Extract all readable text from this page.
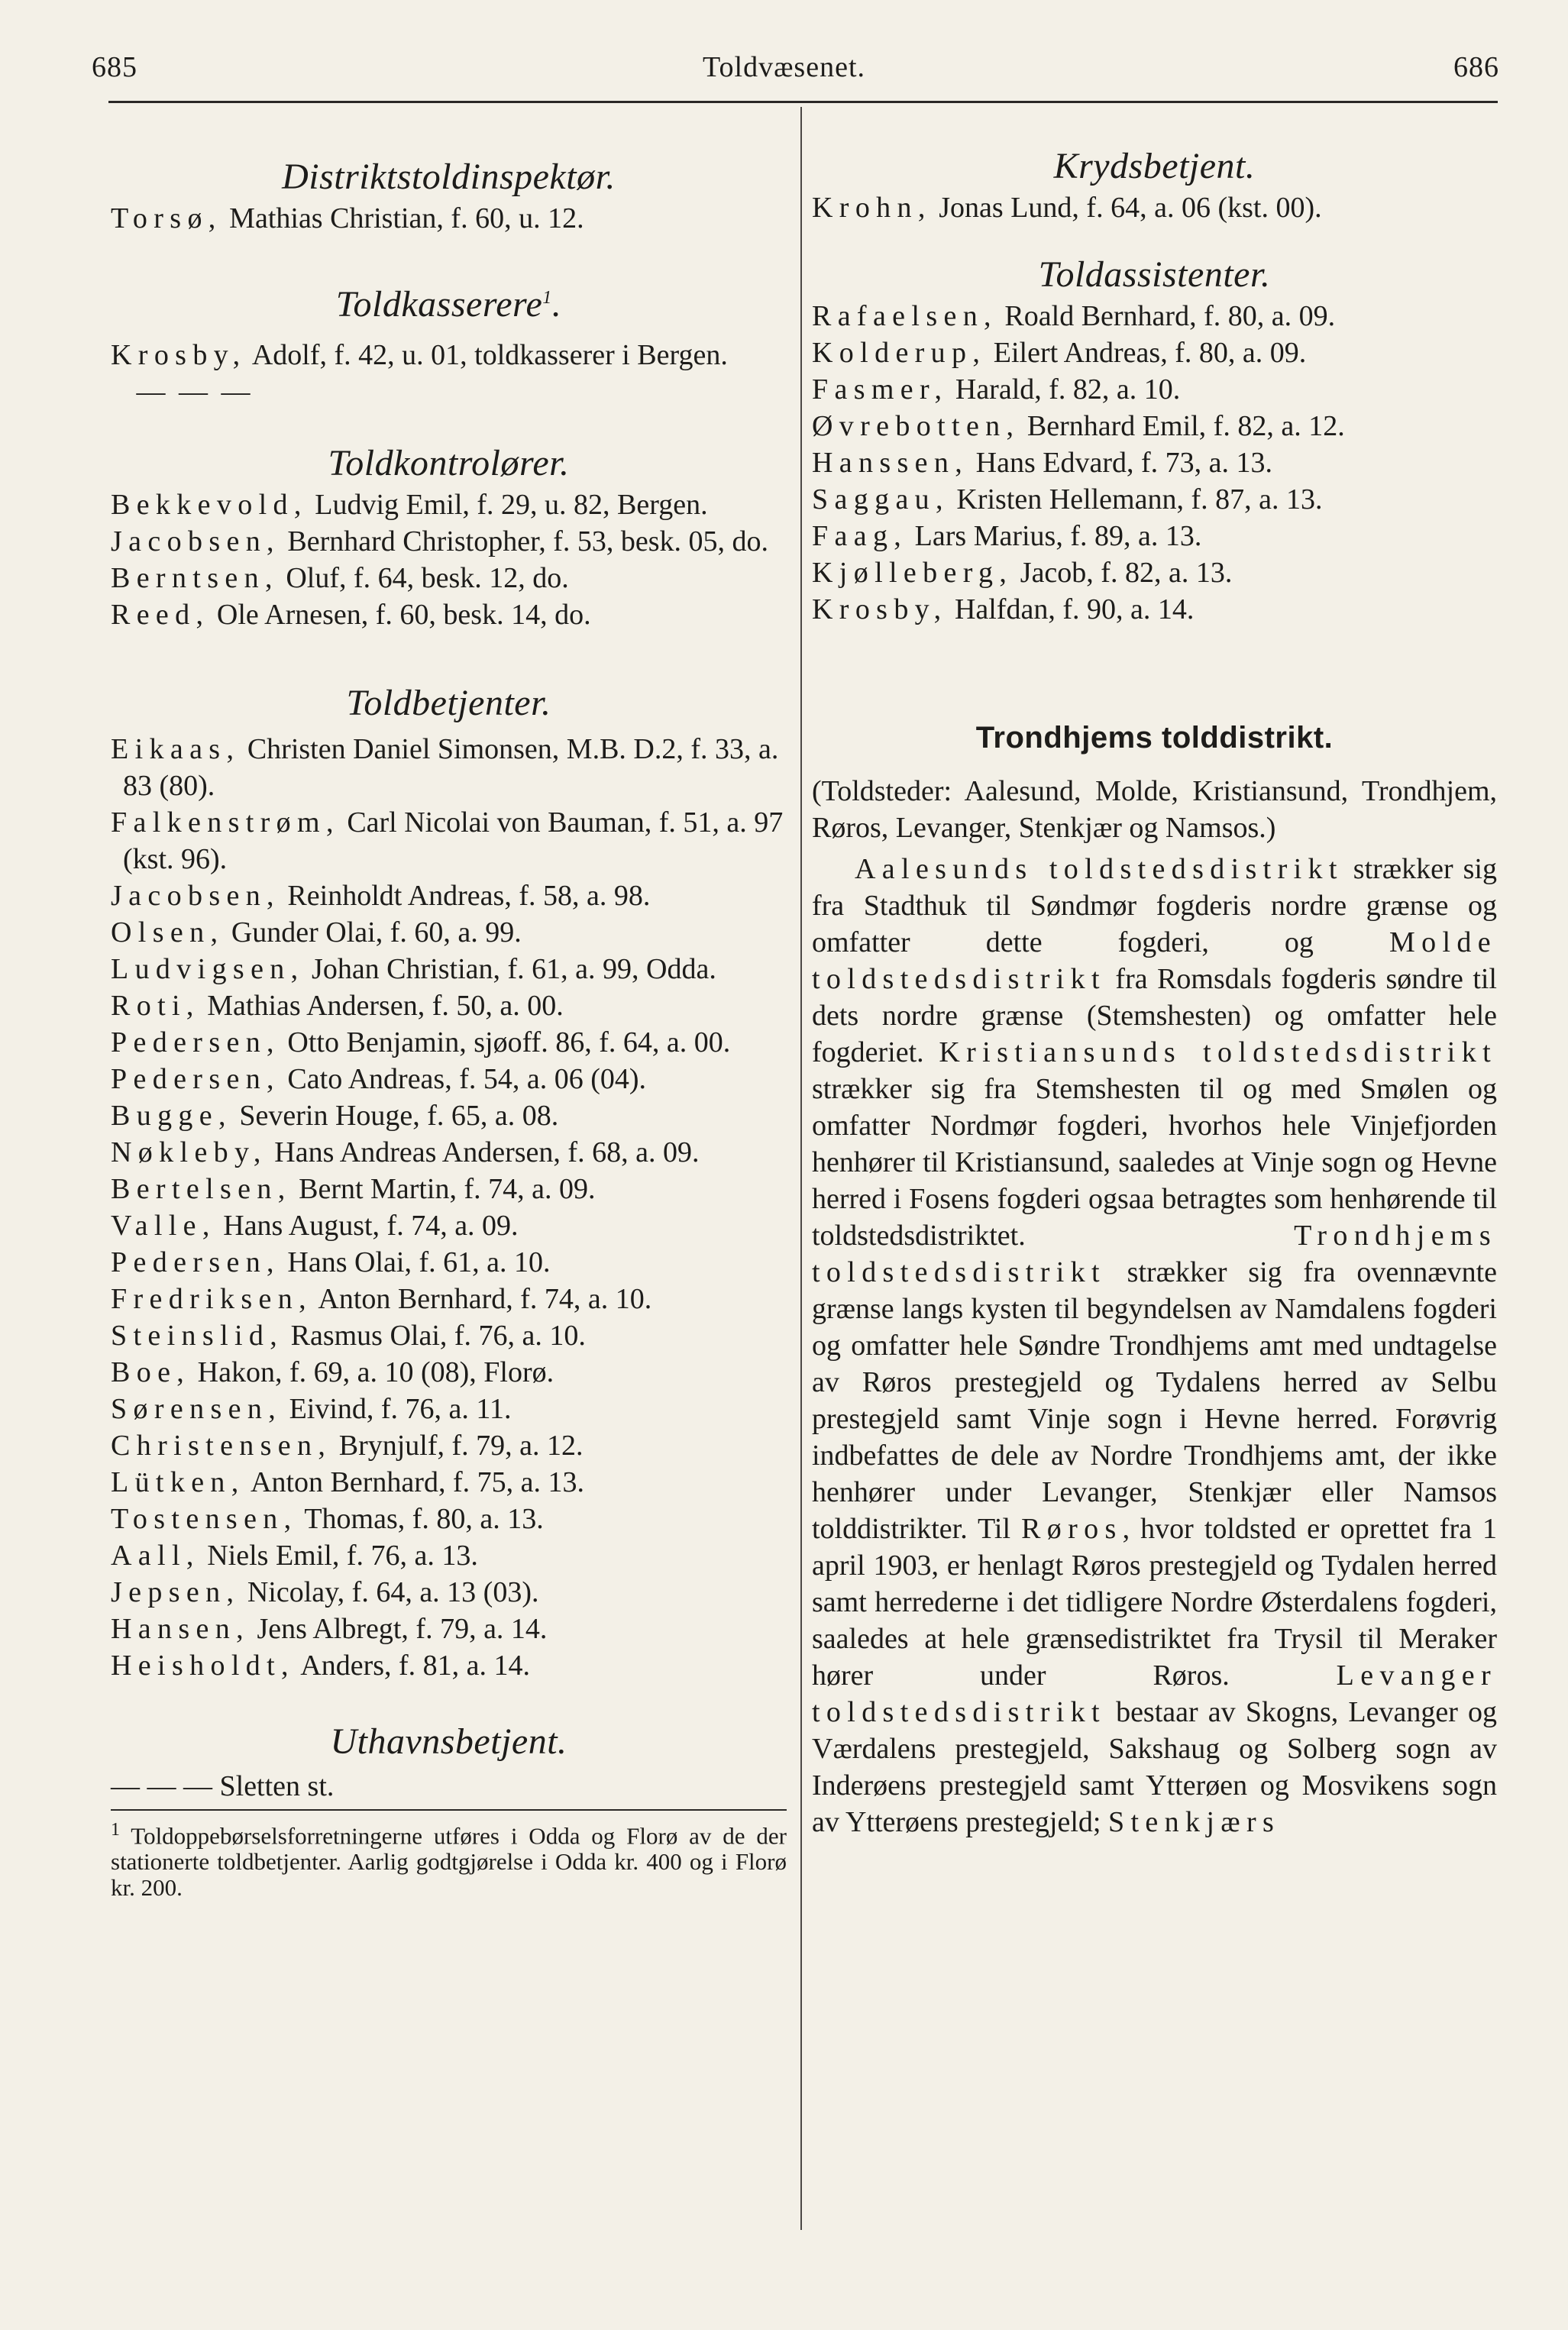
685	Toldvæsenet.	686
Distriktstoldinspektør.

Torsø, Mathias Christian, f. 60, u. 12.

Toldkasserere$^1$.

Krosby, Adolf, f. 42, u. 01, toldkasserer i Bergen.

— — —

Toldkontrolører.

Bekkevold, Ludvig Emil, f. 29, u. 82, Bergen.

Jacobsen, Bernhard Christopher, f. 53, besk. 05, do.

Berntsen, Oluf, f. 64, besk. 12, do.

Reed, Ole Arnesen, f. 60, besk. 14, do.

Toldbetjenter.

Eikaas, Christen Daniel Simonsen, M.B. D.2, f. 33, a. 83 (80).

Falkenstrøm, Carl Nicolai von Bauman, f. 51, a. 97 (kst. 96).

Jacobsen, Reinholdt Andreas, f. 58, a. 98.

Olsen, Gunder Olai, f. 60, a. 99.

Ludvigsen, Johan Christian, f. 61, a. 99, Odda.

Roti, Mathias Andersen, f. 50, a. 00.

Pedersen, Otto Benjamin, sjøoff. 86, f. 64, a. 00.

Pedersen, Cato Andreas, f. 54, a. 06 (04).

Bugge, Severin Houge, f. 65, a. 08.

Nøkleby, Hans Andreas Andersen, f. 68, a. 09.

Bertelsen, Bernt Martin, f. 74, a. 09.

Valle, Hans August, f. 74, a. 09.

Pedersen, Hans Olai, f. 61, a. 10.

Fredriksen, Anton Bernhard, f. 74, a. 10.

Steinslid, Rasmus Olai, f. 76, a. 10.

Boe, Hakon, f. 69, a. 10 (08), Florø.

Sørensen, Eivind, f. 76, a. 11.

Christensen, Brynjulf, f. 79, a. 12.

Lütken, Anton Bernhard, f. 75, a. 13.

Tostensen, Thomas, f. 80, a. 13.

Aall, Niels Emil, f. 76, a. 13.

Jepsen, Nicolay, f. 64, a. 13 (03).

Hansen, Jens Albregt, f. 79, a. 14.

Heisholdt, Anders, f. 81, a. 14.

Uthavnsbetjent.

— — — Sletten st.

$^1$ Toldoppebørselsforretningerne utføres i Odda og Florø av de der stationerte toldbetjenter. Aarlig godtgjørelse i Odda kr. 400 og i Florø kr. 200.
Krydsbetjent.

Krohn, Jonas Lund, f. 64, a. 06 (kst. 00).

Toldassistenter.

Rafaelsen, Roald Bernhard, f. 80, a. 09.

Kolderup, Eilert Andreas, f. 80, a. 09.

Fasmer, Harald, f. 82, a. 10.

Øvrebotten, Bernhard Emil, f. 82, a. 12.

Hanssen, Hans Edvard, f. 73, a. 13.

Saggau, Kristen Hellemann, f. 87, a. 13.

Faag, Lars Marius, f. 89, a. 13.

Kjølleberg, Jacob, f. 82, a. 13.

Krosby, Halfdan, f. 90, a. 14.

Trondhjems tolddistrikt.

(Toldsteder: Aalesund, Molde, Kristiansund, Trondhjem, Røros, Levanger, Stenkjær og Namsos.)

Aalesunds toldstedsdistrikt strækker sig fra Stadthuk til Søndmør fogderis nordre grænse og omfatter dette fogderi, og Molde toldstedsdistrikt fra Romsdals fogderis søndre til dets nordre grænse (Stemshesten) og omfatter hele fogderiet. Kristiansunds toldstedsdistrikt strækker sig fra Stemshesten til og med Smølen og omfatter Nordmør fogderi, hvorhos hele Vinjefjorden henhører til Kristiansund, saaledes at Vinje sogn og Hevne herred i Fosens fogderi ogsaa betragtes som henhørende til toldstedsdistriktet. Trondhjems toldstedsdistrikt strækker sig fra ovennævnte grænse langs kysten til begyndelsen av Namdalens fogderi og omfatter hele Søndre Trondhjems amt med undtagelse av Røros prestegjeld og Tydalens herred av Selbu prestegjeld samt Vinje sogn i Hevne herred. Forøvrig indbefattes de dele av Nordre Trondhjems amt, der ikke henhører under Levanger, Stenkjær eller Namsos tolddistrikter. Til Røros, hvor toldsted er oprettet fra 1 april 1903, er henlagt Røros prestegjeld og Tydalen herred samt herrederne i det tidligere Nordre Østerdalens fogderi, saaledes at hele grænsedistriktet fra Trysil til Meraker hører under Røros. Levanger toldstedsdistrikt bestaar av Skogns, Levanger og Værdalens prestegjeld, Sakshaug og Solberg sogn av Inderøens prestegjeld samt Ytterøen og Mosvikens sogn av Ytterøens prestegjeld; Stenkjærs
